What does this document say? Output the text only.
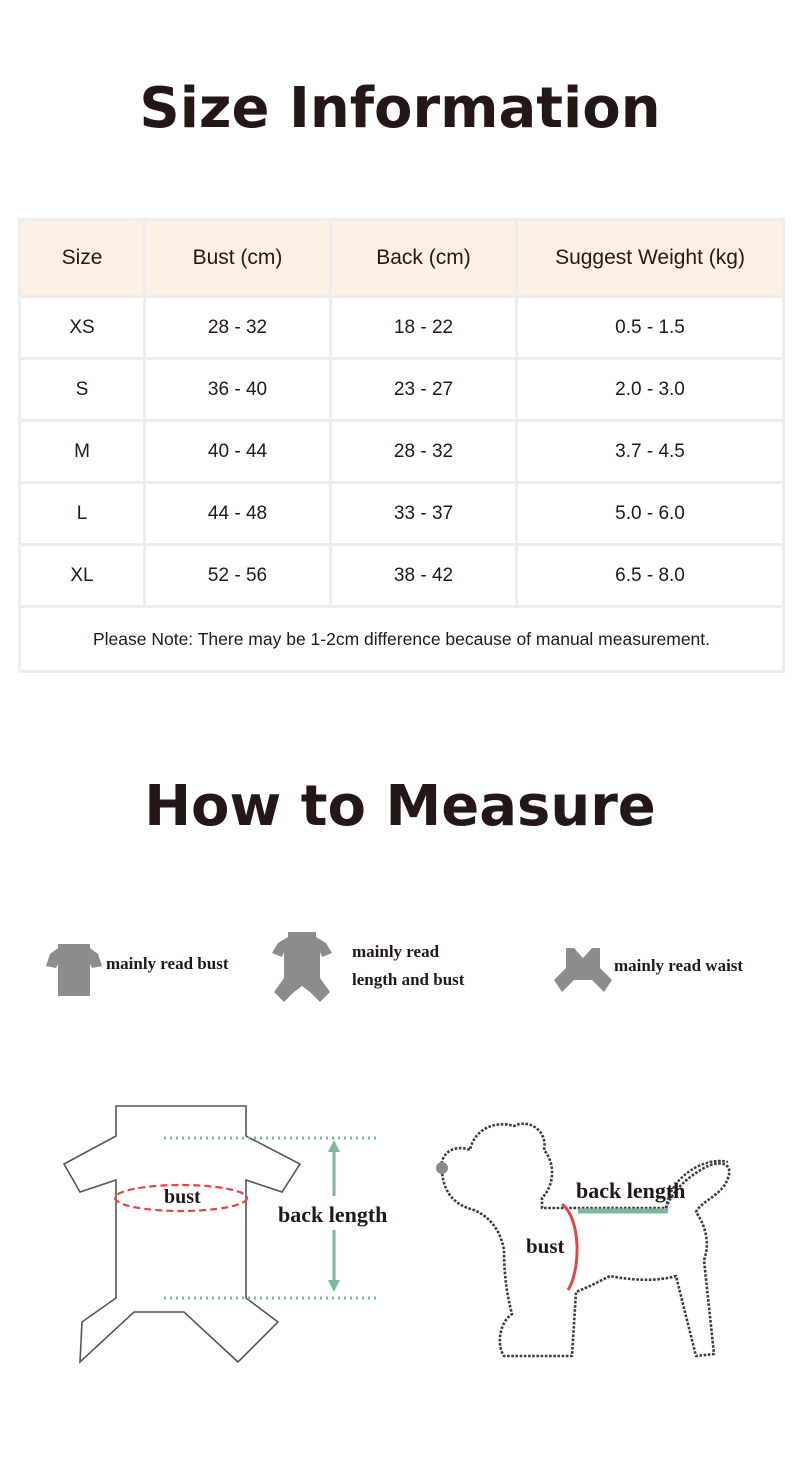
Size Information
Size	Bust (cm)	Back (cm)	Suggest Weight (kg)
XS	28 - 32	18 - 22	0.5 - 1.5
S	36 - 40	23 - 27	2.0 - 3.0
M	40 - 44	28 - 32	3.7 - 4.5
L	44 - 48	33 - 37	5.0 - 6.0
XL	52 - 56	38 - 42	6.5 - 8.0
Please Note: There may be 1-2cm difference because of manual measurement.			
How to Measure
mainly read bust
mainly read
length and bust
mainly read waist
bust
back length
back length
bust
